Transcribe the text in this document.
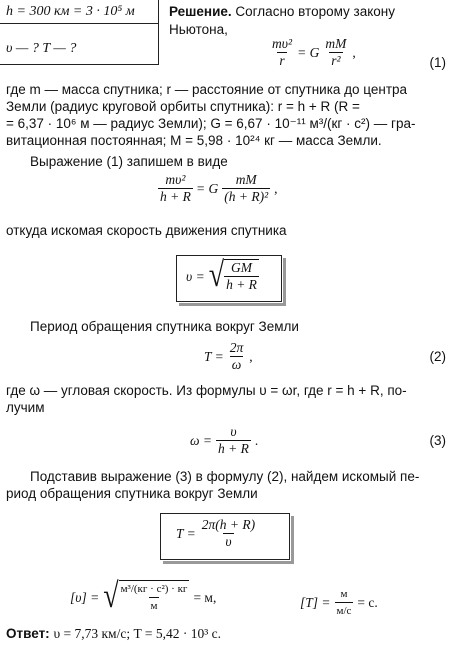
h = 300 км = 3 · 10⁵ м
υ — ? T — ?
Решение. Согласно второму закону
Ньютона,
$\frac{\text{mυ²}}{r} = G \frac{mM}{\text{r²}}$ ,
(1)

где m — масса спутника; r — расстояние от спутника до центра

Земли (радиус круговой орбиты спутника): r = h + R (R =

= 6,37 · 10⁶ м — радиус Земли); G = 6,67 · 10⁻¹¹ м³/(кг · с²) — гра-

витационная постоянная; M = 5,98 · 10²⁴ кг — масса Земли.

Выражение (1) запишем в виде
$\frac{\text{mυ²}}{h + R} = G \frac{mM}{\text{(h + R)²}}$ ,
откуда искомая скорость движения спутника
υ = √ $\frac{GM}{h + R}$
Период обращения спутника вокруг Земли
$T = \frac{2\pi}{\omega}$ ,	(2)

где ω — угловая скорость. Из формулы υ = ωr, где r = h + R, по-

лучим

$\omega = \frac{\upsilon}{h + R}$ .	(3)

Подставив выражение (3) в формулу (2), найдем искомый пе-

риод обращения спутника вокруг Земли

$T = \frac{2\pi(h + R)}{\upsilon}$
[υ] = √ $\frac{\text{м³/(кг · с²) · кг}}{м} = м$,	$[T] = \frac{м}{м/с} = с$.
Ответ: υ = 7,73 км/с; T = 5,42 · 10³ с.
